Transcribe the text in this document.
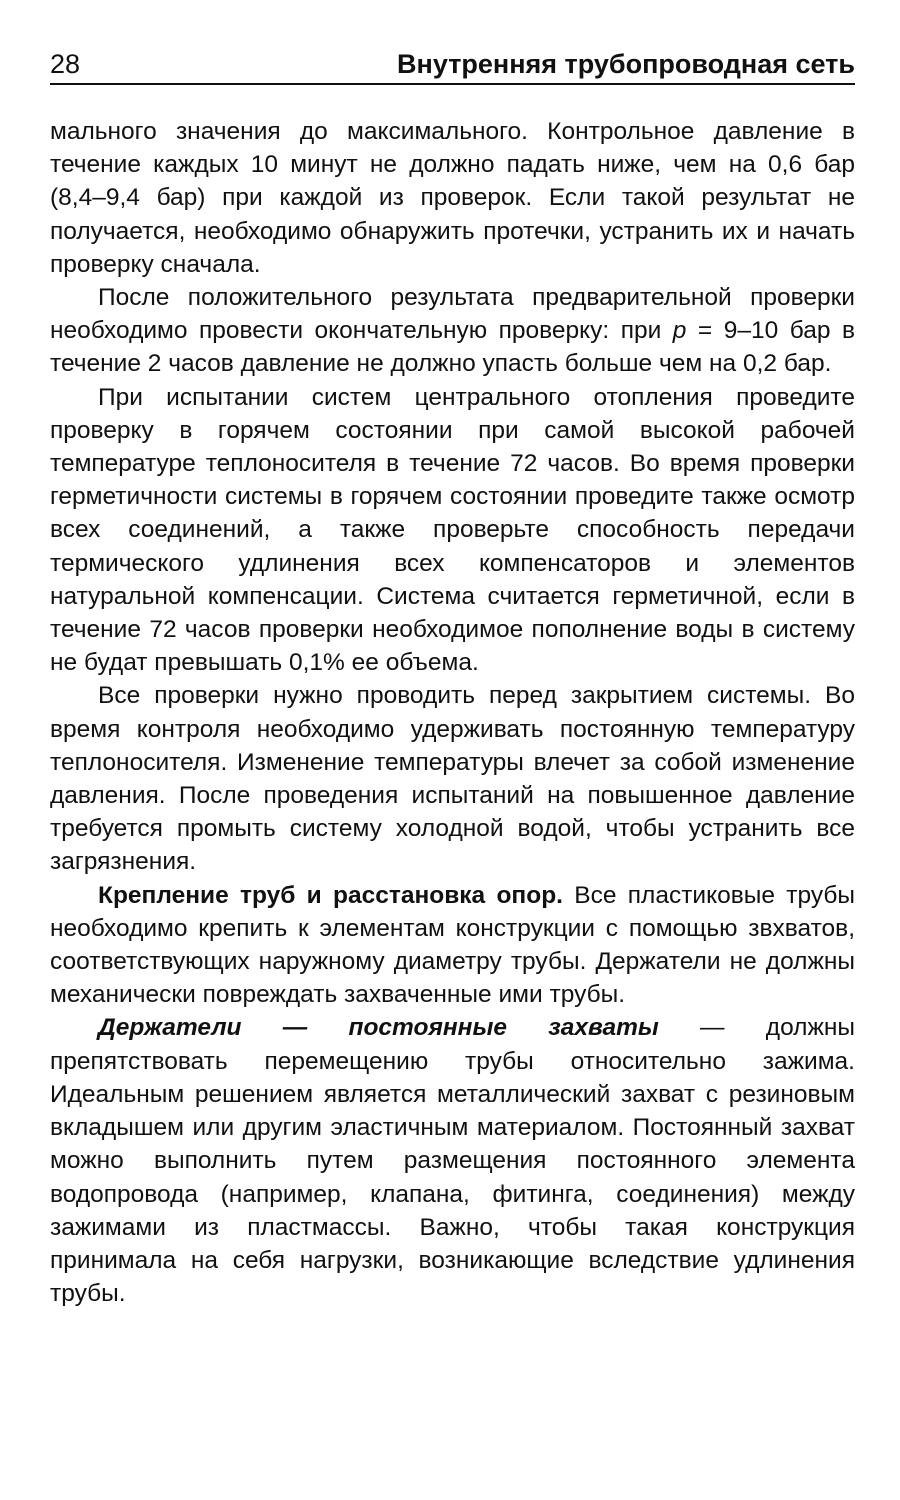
28	Внутренняя трубопроводная сеть

мального значения до максимального. Контрольное давление в течение каждых 10 минут не должно падать ниже, чем на 0,6 бар (8,4–9,4 бар) при каждой из проверок. Если такой результат не получается, необходимо обнаружить протечки, устранить их и начать проверку сначала.

После положительного результата предварительной проверки необходимо провести окончательную проверку: при p = 9–10 бар в течение 2 часов давление не должно упасть больше чем на 0,2 бар.

При испытании систем центрального отопления проведите проверку в горячем состоянии при самой высокой рабочей температуре теплоносителя в течение 72 часов. Во время проверки герметичности системы в горячем состоянии проведите также осмотр всех соединений, а также проверьте способность передачи термического удлинения всех компенсаторов и элементов натуральной компенсации. Система считается герметичной, если в течение 72 часов проверки необходимое пополнение воды в систему не будат превышать 0,1% ее объема.

Все проверки нужно проводить перед закрытием системы. Во время контроля необходимо удерживать постоянную температуру теплоносителя. Изменение температуры влечет за собой изменение давления. После проведения испытаний на повышенное давление требуется промыть систему холодной водой, чтобы устранить все загрязнения.

Крепление труб и расстановка опор. Все пластиковые трубы необходимо крепить к элементам конструкции с помощью звхватов, соответствующих наружному диаметру трубы. Держатели не должны механически повреждать захваченные ими трубы.

Держатели — постоянные захваты — должны препятствовать перемещению трубы относительно зажима. Идеальным решением является металлический захват с резиновым вкладышем или другим эластичным материалом. Постоянный захват можно выполнить путем размещения постоянного элемента водопровода (например, клапана, фитинга, соединения) между зажимами из пластмассы. Важно, чтобы такая конструкция принимала на себя нагрузки, возникающие вследствие удлинения трубы.
